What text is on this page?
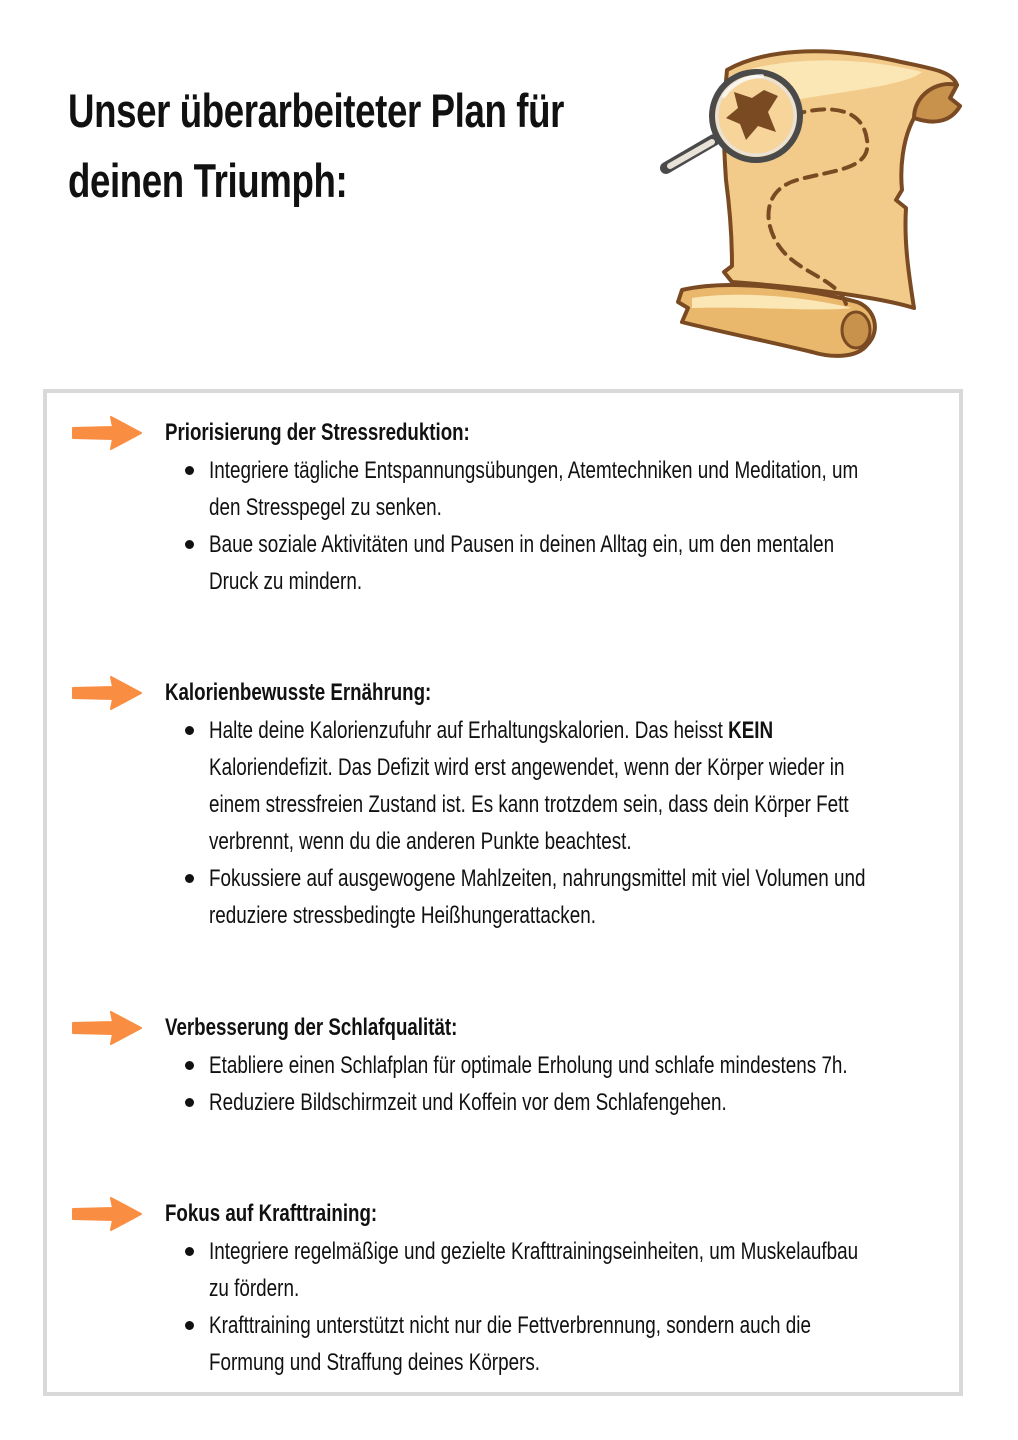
Unser überarbeiteter Plan für
deinen Triumph:
Priorisierung der Stressreduktion:
Integriere tägliche Entspannungsübungen, Atemtechniken und Meditation, um
den Stresspegel zu senken.
Baue soziale Aktivitäten und Pausen in deinen Alltag ein, um den mentalen
Druck zu mindern.
Kalorienbewusste Ernährung:
Halte deine Kalorienzufuhr auf Erhaltungskalorien. Das heisst KEIN
Kaloriendefizit. Das Defizit wird erst angewendet, wenn der Körper wieder in
einem stressfreien Zustand ist. Es kann trotzdem sein, dass dein Körper Fett
verbrennt, wenn du die anderen Punkte beachtest.
Fokussiere auf ausgewogene Mahlzeiten, nahrungsmittel mit viel Volumen und
reduziere stressbedingte Heißhungerattacken.
Verbesserung der Schlafqualität:
Etabliere einen Schlafplan für optimale Erholung und schlafe mindestens 7h.
Reduziere Bildschirmzeit und Koffein vor dem Schlafengehen.
Fokus auf Krafttraining:
Integriere regelmäßige und gezielte Krafttrainingseinheiten, um Muskelaufbau
zu fördern.
Krafttraining unterstützt nicht nur die Fettverbrennung, sondern auch die
Formung und Straffung deines Körpers.
